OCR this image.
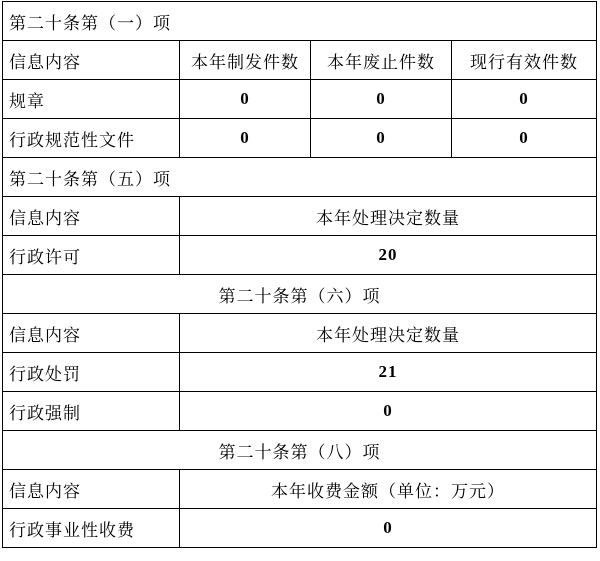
第二十条第（一）项			
信息内容	本年制发件数	本年废止件数	现行有效件数
规章	0	0	0
行政规范性文件	0	0	0
第二十条第（五）项			
信息内容	本年处理决定数量		
行政许可	20		
第二十条第（六）项			
信息内容	本年处理决定数量		
行政处罚	21		
行政强制	0		
第二十条第（八）项			
信息内容	本年收费金额（单位：万元）		
行政事业性收费	0		
